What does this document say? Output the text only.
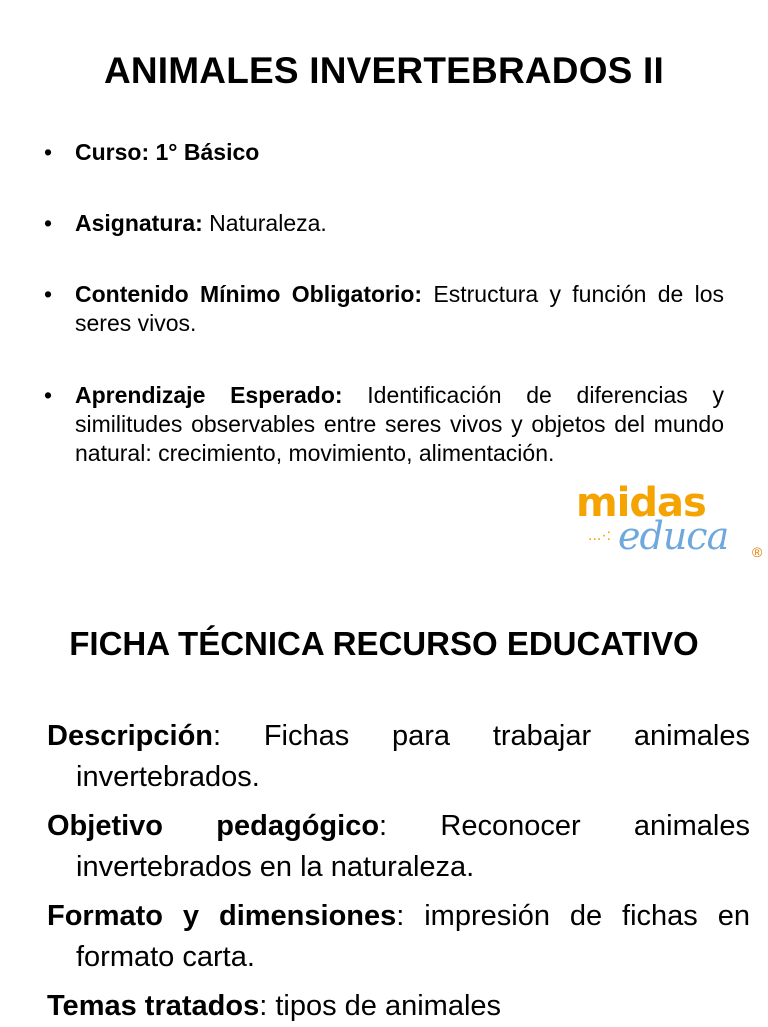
ANIMALES INVERTEBRADOS II
• Curso: 1° Básico
• Asignatura: Naturaleza.
• Contenido Mínimo Obligatorio: Estructura y función de los seres vivos.
• Aprendizaje Esperado: Identificación de diferencias y similitudes observables entre seres vivos y objetos del mundo natural: crecimiento, movimiento, alimentación.
midas
...·: educa ®
FICHA TÉCNICA RECURSO EDUCATIVO
Descripción: Fichas para trabajar animales invertebrados.
Objetivo pedagógico: Reconocer animales invertebrados en la naturaleza.
Formato y dimensiones: impresión de fichas en formato carta.
Temas tratados: tipos de animales
